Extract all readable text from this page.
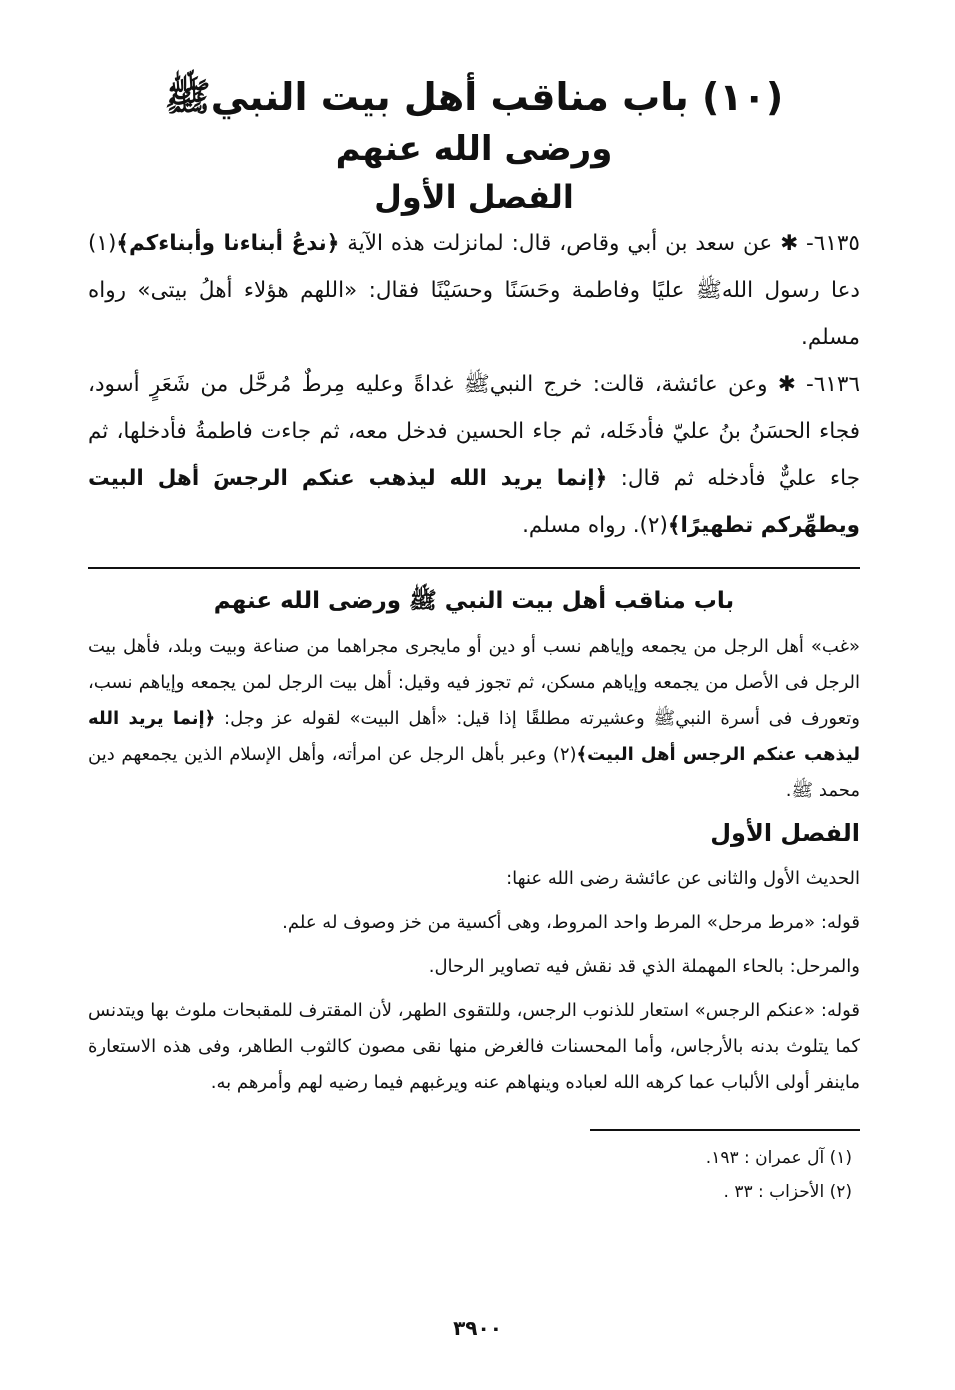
(١٠) باب مناقب أهل بيت النبيﷺ
ورضى الله عنهم
الفصل الأول

٦١٣٥- ✱ عن سعد بن أبي وقاص، قال: لمانزلت هذه الآية ﴿ندعُ أبناءنا وأبناءكم﴾(١) دعا رسول اللهﷺ عليًا وفاطمة وحَسَنًا وحسَيْنًا فقال: «اللهم هؤلاء أهلُ بيتى» رواه مسلم.

٦١٣٦- ✱ وعن عائشة، قالت: خرج النبيﷺ غداةً وعليه مِرطٌ مُرحَّل من شَعَرٍ أسود، فجاء الحسَنُ بنُ عليّ فأدخَله، ثم جاء الحسين فدخل معه، ثم جاءت فاطمةُ فأدخلها، ثم جاء عليٌّ فأدخله ثم قال: ﴿إنما يريد الله ليذهب عنكم الرجسَ أهل البيت ويطهِّركم تطهيرًا﴾(٢). رواه مسلم.

باب مناقب أهل بيت النبي ﷺ ورضى الله عنهم

«غب» أهل الرجل من يجمعه وإياهم نسب أو دين أو مايجرى مجراهما من صناعة وبيت وبلد، فأهل بيت الرجل فى الأصل من يجمعه وإياهم مسكن، ثم تجوز فيه وقيل: أهل بيت الرجل لمن يجمعه وإياهم نسب، وتعورف فى أسرة النبيﷺ وعشيرته مطلقًا إذا قيل: «أهل البيت» لقوله عز وجل: ﴿إنما يريد الله ليذهب عنكم الرجس أهل البيت﴾(٢) وعبر بأهل الرجل عن امرأته، وأهل الإسلام الذين يجمعهم دين محمد ﷺ.

الفصل الأول

الحديث الأول والثانى عن عائشة رضى الله عنها:

قوله: «مرط مرحل» المرط واحد المروط، وهى أكسية من خز وصوف له علم.

والمرحل: بالحاء المهملة الذي قد نقش فيه تصاوير الرحال.

قوله: «عنكم الرجس» استعار للذنوب الرجس، وللتقوى الطهر، لأن المقترف للمقبحات ملوث بها ويتدنس كما يتلوث بدنه بالأرجاس، وأما المحسنات فالغرض منها نقى مصون كالثوب الطاهر، وفى هذه الاستعارة ماينفر أولى الألباب عما كرهه الله لعباده وينهاهم عنه ويرغبهم فيما رضيه لهم وأمرهم به.

(١) آل عمران : ١٩٣.

(٢) الأحزاب : ٣٣ .

٣٩٠٠
